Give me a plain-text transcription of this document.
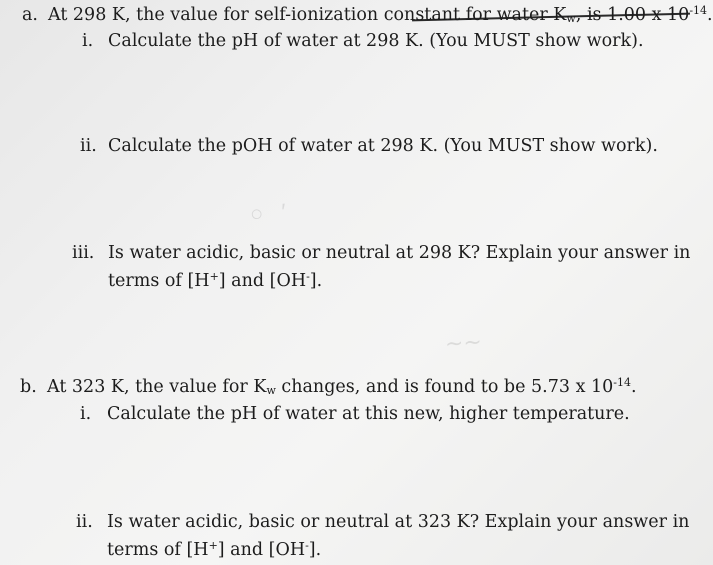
○   ′
∼∼
a. At 298 K, the value for self-ionization constant for water $K_w$, is 1.00 x $10^{-14}$.
i. Calculate the pH of water at 298 K. (You MUST show work).
ii. Calculate the pOH of water at 298 K. (You MUST show work).
iii. Is water acidic, basic or neutral at 298 K? Explain your answer in
terms of [H+] and [OH-].
b. At 323 K, the value for $K_w$ changes, and is found to be 5.73 x $10^{-14}$.
i. Calculate the pH of water at this new, higher temperature.
ii. Is water acidic, basic or neutral at 323 K? Explain your answer in
terms of [H+] and [OH-].
